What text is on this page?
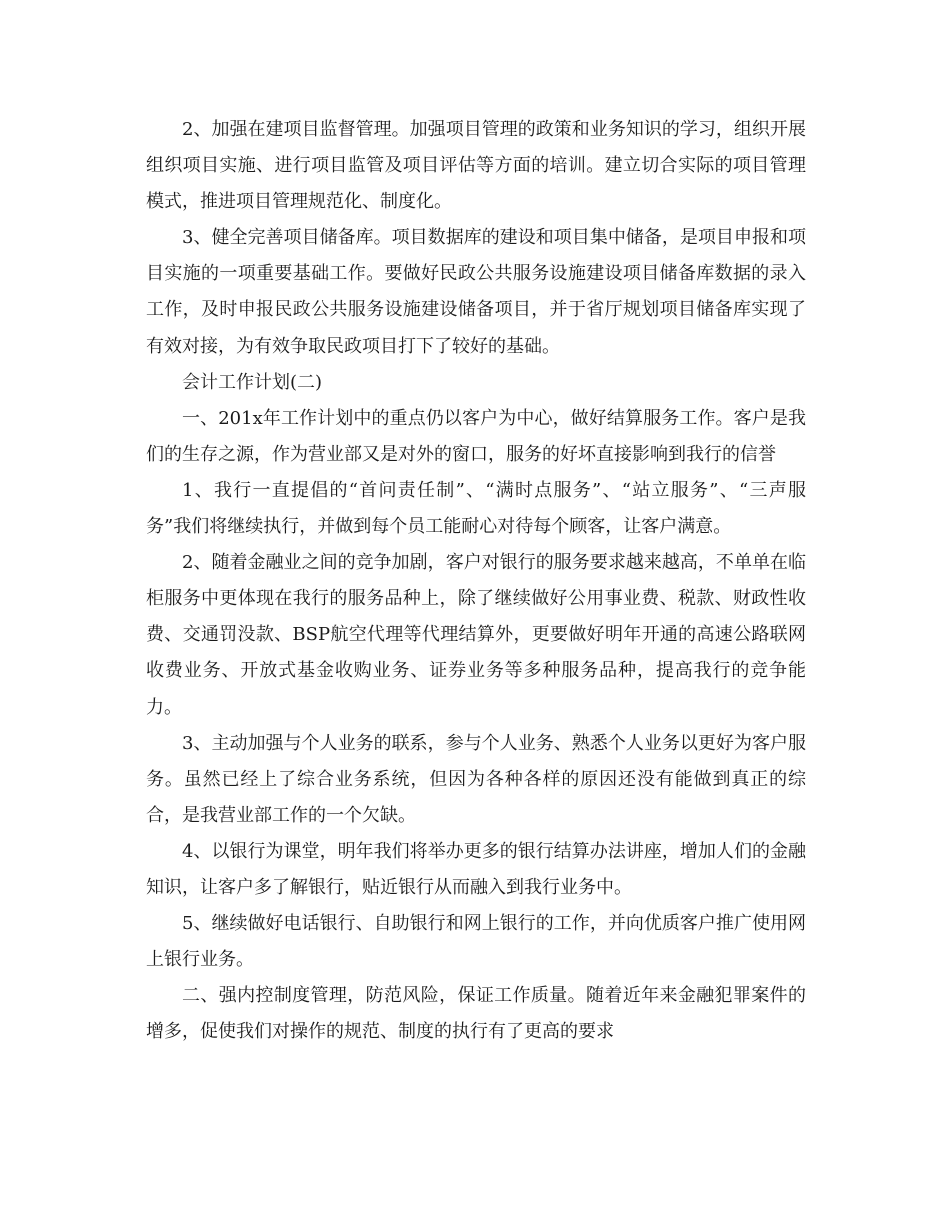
2、加强在建项目监督管理。加强项目管理的政策和业务知识的学习，组织开展组织项目实施、进行项目监管及项目评估等方面的培训。建立切合实际的项目管理模式，推进项目管理规范化、制度化。

3、健全完善项目储备库。项目数据库的建设和项目集中储备，是项目申报和项目实施的一项重要基础工作。要做好民政公共服务设施建设项目储备库数据的录入工作，及时申报民政公共服务设施建设储备项目，并于省厅规划项目储备库实现了有效对接，为有效争取民政项目打下了较好的基础。

会计工作计划(二)

一、201x年工作计划中的重点仍以客户为中心，做好结算服务工作。客户是我们的生存之源，作为营业部又是对外的窗口，服务的好坏直接影响到我行的信誉

1、我行一直提倡的“首问责任制”、“满时点服务”、“站立服务”、“三声服务”我们将继续执行，并做到每个员工能耐心对待每个顾客，让客户满意。

2、随着金融业之间的竞争加剧，客户对银行的服务要求越来越高，不单单在临柜服务中更体现在我行的服务品种上，除了继续做好公用事业费、税款、财政性收费、交通罚没款、BSP航空代理等代理结算外，更要做好明年开通的高速公路联网收费业务、开放式基金收购业务、证券业务等多种服务品种，提高我行的竞争能力。

3、主动加强与个人业务的联系，参与个人业务、熟悉个人业务以更好为客户服务。虽然已经上了综合业务系统，但因为各种各样的原因还没有能做到真正的综合，是我营业部工作的一个欠缺。

4、以银行为课堂，明年我们将举办更多的银行结算办法讲座，增加人们的金融知识，让客户多了解银行，贴近银行从而融入到我行业务中。

5、继续做好电话银行、自助银行和网上银行的工作，并向优质客户推广使用网上银行业务。

二、强内控制度管理，防范风险，保证工作质量。随着近年来金融犯罪案件的增多，促使我们对操作的规范、制度的执行有了更高的要求
